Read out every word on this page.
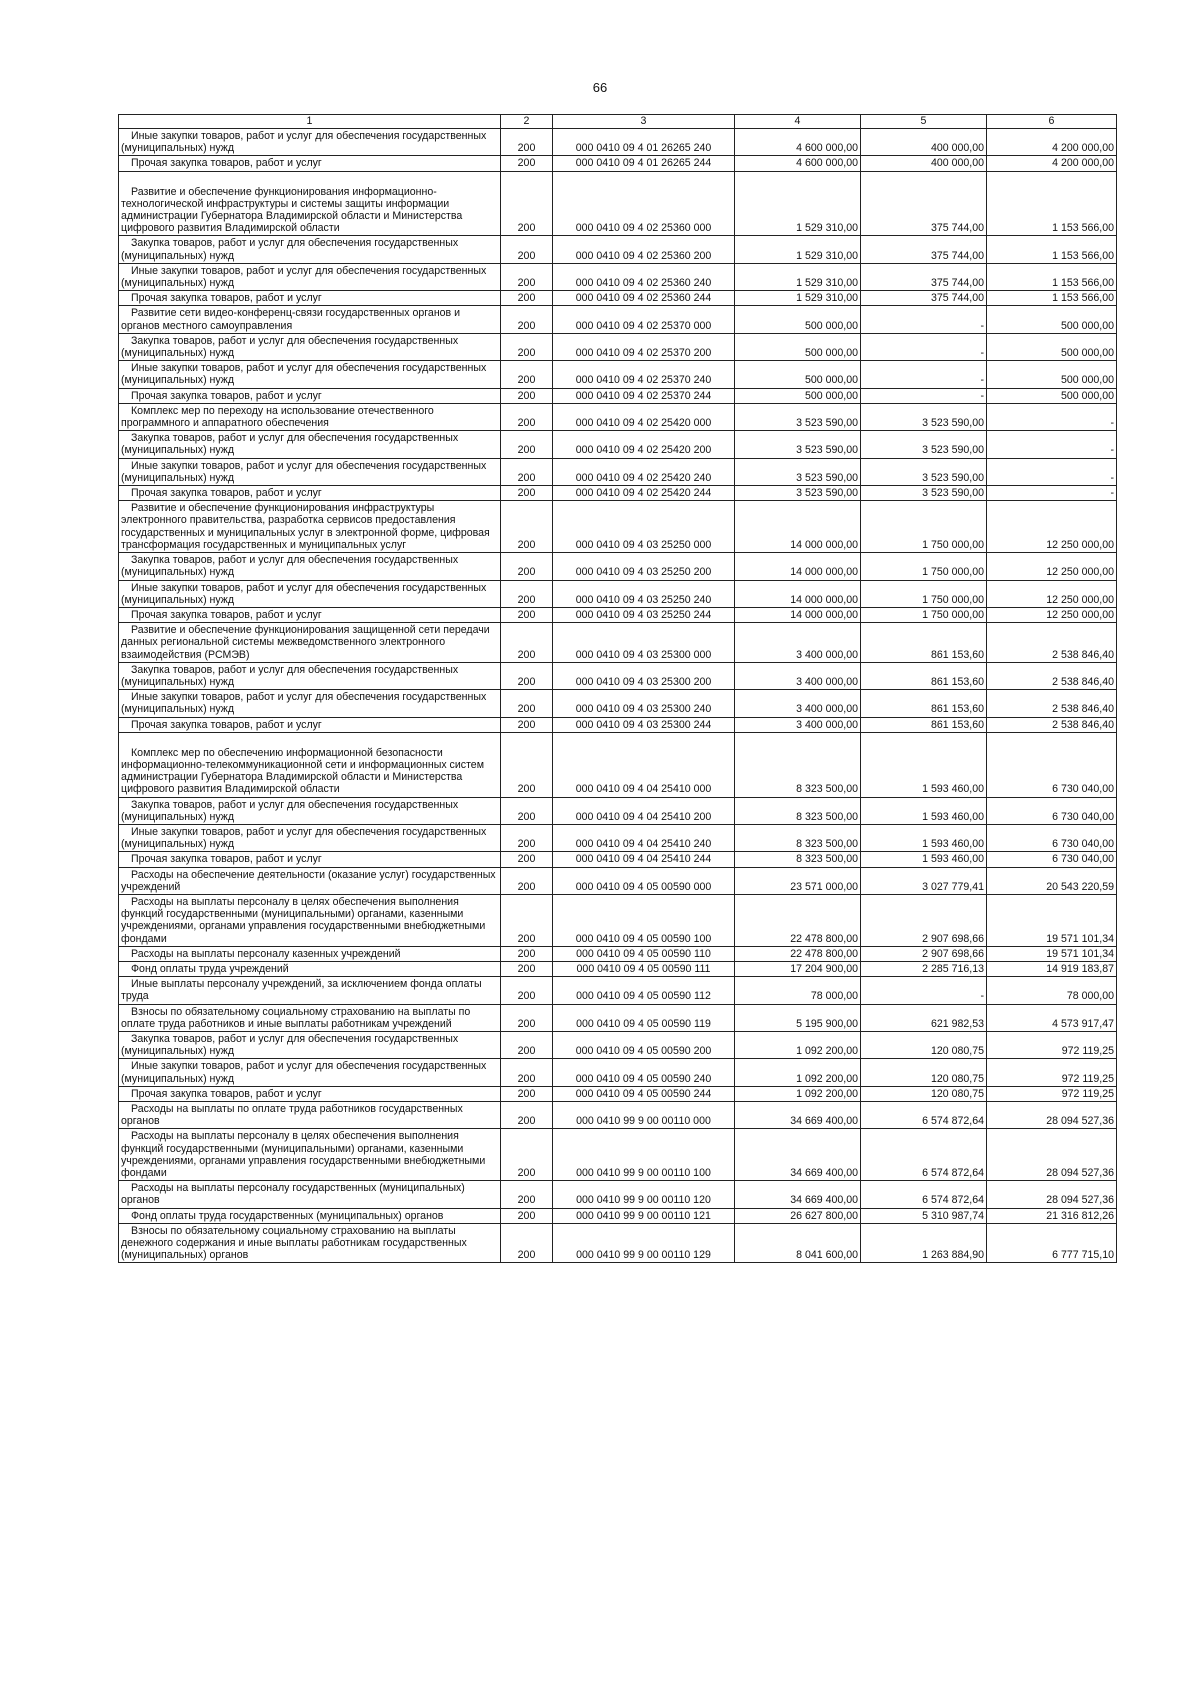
66
1	2	3	4	5	6

Иные закупки товаров, работ и услуг для обеспечения государственных (муниципальных) нужд	200	000 0410 09 4 01 26265 240	4 600 000,00	400 000,00	4 200 000,00

Прочая закупка товаров, работ и услуг	200	000 0410 09 4 01 26265 244	4 600 000,00	400 000,00	4 200 000,00

Развитие и обеспечение функционирования информационно-технологической инфраструктуры и системы защиты информации администрации Губернатора Владимирской области и Министерства цифрового развития Владимирской области	200	000 0410 09 4 02 25360 000	1 529 310,00	375 744,00	1 153 566,00

Закупка товаров, работ и услуг для обеспечения государственных (муниципальных) нужд	200	000 0410 09 4 02 25360 200	1 529 310,00	375 744,00	1 153 566,00

Иные закупки товаров, работ и услуг для обеспечения государственных (муниципальных) нужд	200	000 0410 09 4 02 25360 240	1 529 310,00	375 744,00	1 153 566,00

Прочая закупка товаров, работ и услуг	200	000 0410 09 4 02 25360 244	1 529 310,00	375 744,00	1 153 566,00

Развитие сети видео-конференц-связи государственных органов и органов местного самоуправления	200	000 0410 09 4 02 25370 000	500 000,00	-	500 000,00

Закупка товаров, работ и услуг для обеспечения государственных (муниципальных) нужд	200	000 0410 09 4 02 25370 200	500 000,00	-	500 000,00

Иные закупки товаров, работ и услуг для обеспечения государственных (муниципальных) нужд	200	000 0410 09 4 02 25370 240	500 000,00	-	500 000,00

Прочая закупка товаров, работ и услуг	200	000 0410 09 4 02 25370 244	500 000,00	-	500 000,00

Комплекс мер по переходу на использование отечественного программного и аппаратного обеспечения	200	000 0410 09 4 02 25420 000	3 523 590,00	3 523 590,00	-

Закупка товаров, работ и услуг для обеспечения государственных (муниципальных) нужд	200	000 0410 09 4 02 25420 200	3 523 590,00	3 523 590,00	-

Иные закупки товаров, работ и услуг для обеспечения государственных (муниципальных) нужд	200	000 0410 09 4 02 25420 240	3 523 590,00	3 523 590,00	-

Прочая закупка товаров, работ и услуг	200	000 0410 09 4 02 25420 244	3 523 590,00	3 523 590,00	-

Развитие и обеспечение функционирования инфраструктуры электронного правительства, разработка сервисов предоставления государственных и муниципальных услуг в электронной форме, цифровая трансформация государственных и муниципальных услуг	200	000 0410 09 4 03 25250 000	14 000 000,00	1 750 000,00	12 250 000,00

Закупка товаров, работ и услуг для обеспечения государственных (муниципальных) нужд	200	000 0410 09 4 03 25250 200	14 000 000,00	1 750 000,00	12 250 000,00

Иные закупки товаров, работ и услуг для обеспечения государственных (муниципальных) нужд	200	000 0410 09 4 03 25250 240	14 000 000,00	1 750 000,00	12 250 000,00

Прочая закупка товаров, работ и услуг	200	000 0410 09 4 03 25250 244	14 000 000,00	1 750 000,00	12 250 000,00

Развитие и обеспечение функционирования защищенной сети передачи данных региональной системы межведомственного электронного взаимодействия (РСМЭВ)	200	000 0410 09 4 03 25300 000	3 400 000,00	861 153,60	2 538 846,40

Закупка товаров, работ и услуг для обеспечения государственных (муниципальных) нужд	200	000 0410 09 4 03 25300 200	3 400 000,00	861 153,60	2 538 846,40

Иные закупки товаров, работ и услуг для обеспечения государственных (муниципальных) нужд	200	000 0410 09 4 03 25300 240	3 400 000,00	861 153,60	2 538 846,40

Прочая закупка товаров, работ и услуг	200	000 0410 09 4 03 25300 244	3 400 000,00	861 153,60	2 538 846,40

Комплекс мер по обеспечению информационной безопасности информационно-телекоммуникационной сети и информационных систем администрации Губернатора Владимирской области и Министерства цифрового развития Владимирской области	200	000 0410 09 4 04 25410 000	8 323 500,00	1 593 460,00	6 730 040,00

Закупка товаров, работ и услуг для обеспечения государственных (муниципальных) нужд	200	000 0410 09 4 04 25410 200	8 323 500,00	1 593 460,00	6 730 040,00

Иные закупки товаров, работ и услуг для обеспечения государственных (муниципальных) нужд	200	000 0410 09 4 04 25410 240	8 323 500,00	1 593 460,00	6 730 040,00

Прочая закупка товаров, работ и услуг	200	000 0410 09 4 04 25410 244	8 323 500,00	1 593 460,00	6 730 040,00

Расходы на обеспечение деятельности (оказание услуг) государственных учреждений	200	000 0410 09 4 05 00590 000	23 571 000,00	3 027 779,41	20 543 220,59

Расходы на выплаты персоналу в целях обеспечения выполнения функций государственными (муниципальными) органами, казенными учреждениями, органами управления государственными внебюджетными фондами	200	000 0410 09 4 05 00590 100	22 478 800,00	2 907 698,66	19 571 101,34

Расходы на выплаты персоналу казенных учреждений	200	000 0410 09 4 05 00590 110	22 478 800,00	2 907 698,66	19 571 101,34

Фонд оплаты труда учреждений	200	000 0410 09 4 05 00590 111	17 204 900,00	2 285 716,13	14 919 183,87

Иные выплаты персоналу учреждений, за исключением фонда оплаты труда	200	000 0410 09 4 05 00590 112	78 000,00	-	78 000,00

Взносы по обязательному социальному страхованию на выплаты по оплате труда работников и иные выплаты работникам учреждений	200	000 0410 09 4 05 00590 119	5 195 900,00	621 982,53	4 573 917,47

Закупка товаров, работ и услуг для обеспечения государственных (муниципальных) нужд	200	000 0410 09 4 05 00590 200	1 092 200,00	120 080,75	972 119,25

Иные закупки товаров, работ и услуг для обеспечения государственных (муниципальных) нужд	200	000 0410 09 4 05 00590 240	1 092 200,00	120 080,75	972 119,25

Прочая закупка товаров, работ и услуг	200	000 0410 09 4 05 00590 244	1 092 200,00	120 080,75	972 119,25

Расходы на выплаты по оплате труда работников государственных органов	200	000 0410 99 9 00 00110 000	34 669 400,00	6 574 872,64	28 094 527,36

Расходы на выплаты персоналу в целях обеспечения выполнения функций государственными (муниципальными) органами, казенными учреждениями, органами управления государственными внебюджетными фондами	200	000 0410 99 9 00 00110 100	34 669 400,00	6 574 872,64	28 094 527,36

Расходы на выплаты персоналу государственных (муниципальных) органов	200	000 0410 99 9 00 00110 120	34 669 400,00	6 574 872,64	28 094 527,36

Фонд оплаты труда государственных (муниципальных) органов	200	000 0410 99 9 00 00110 121	26 627 800,00	5 310 987,74	21 316 812,26

Взносы по обязательному социальному страхованию на выплаты денежного содержания и иные выплаты работникам государственных (муниципальных) органов	200	000 0410 99 9 00 00110 129	8 041 600,00	1 263 884,90	6 777 715,10
